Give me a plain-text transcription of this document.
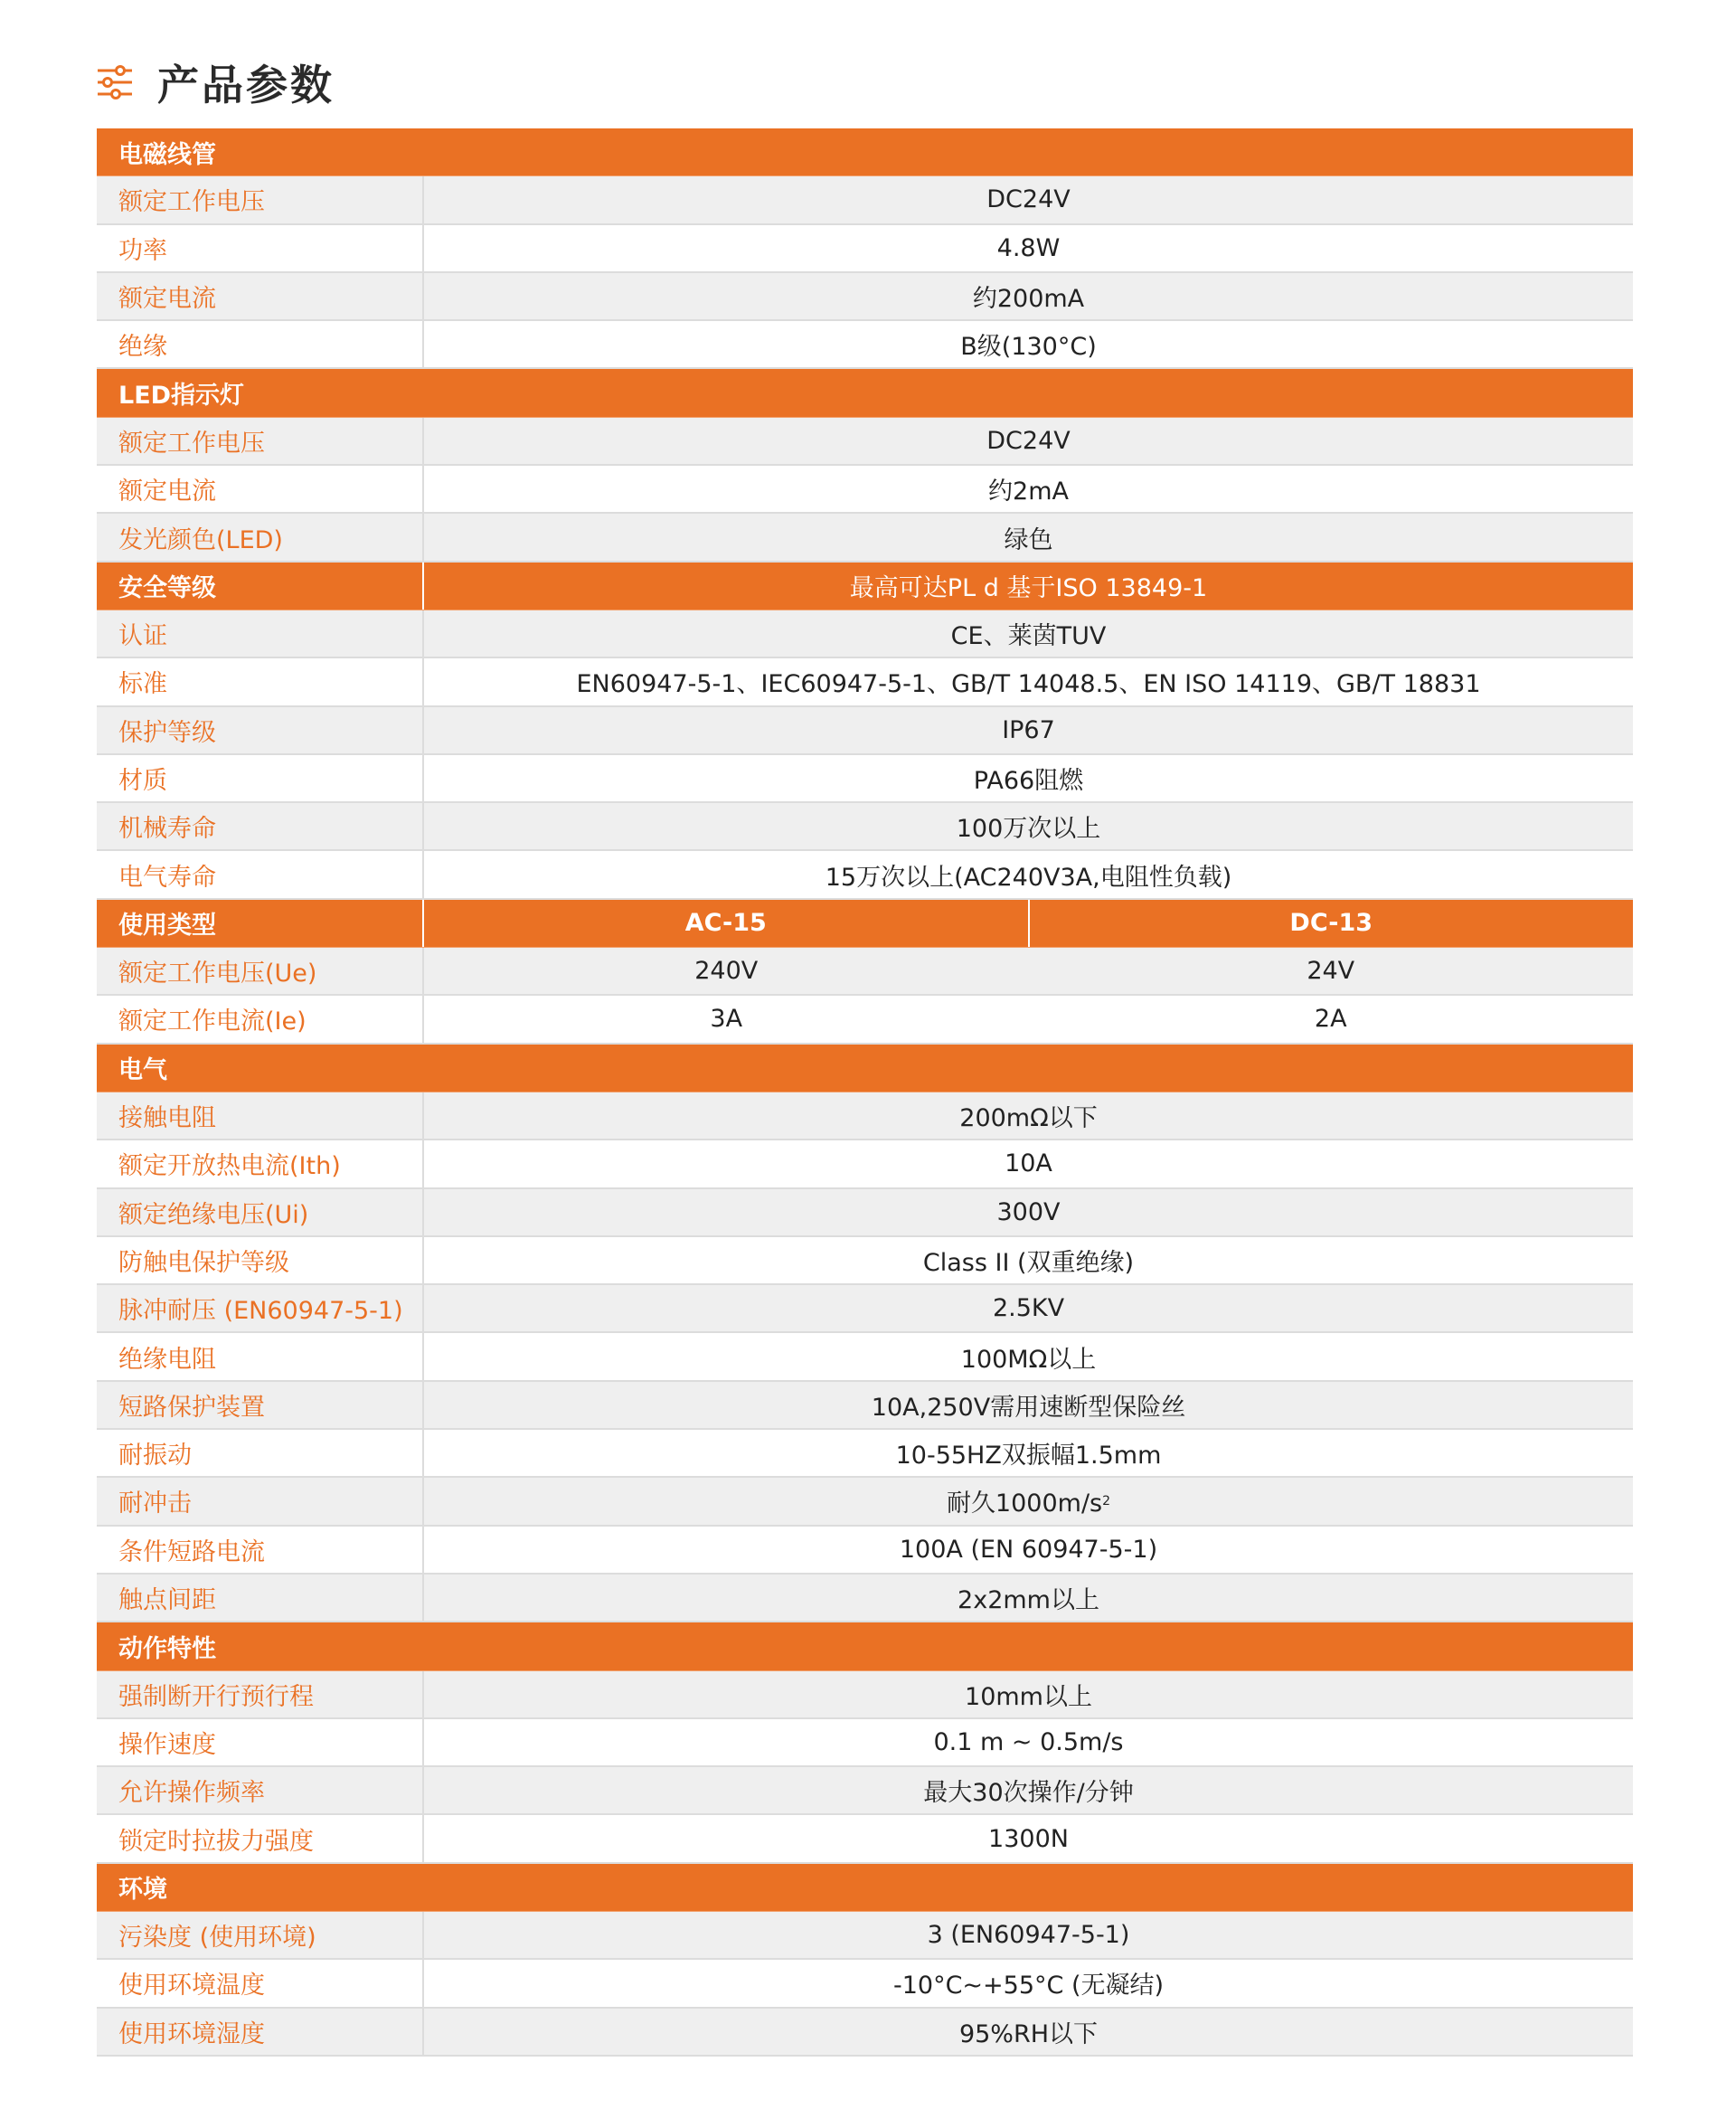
产品参数
电磁线管
额定工作电压	DC24V
功率	4.8W
额定电流	约200mA
绝缘	B级(130°C)
LED指示灯
额定工作电压	DC24V
额定电流	约2mA
发光颜色(LED)	绿色
安全等级	最高可达PL d 基于ISO 13849-1
认证	CE、莱茵TUV
标准	EN60947-5-1、IEC60947-5-1、GB/T 14048.5、EN ISO 14119、GB/T 18831
保护等级	IP67
材质	PA66阻燃
机械寿命	100万次以上
电气寿命	15万次以上(AC240V3A,电阻性负载)
使用类型	AC-15	DC-13
额定工作电压(Ue)	240V	24V
额定工作电流(Ie)	3A	2A
电气
接触电阻	200mΩ以下
额定开放热电流(Ith)	10A
额定绝缘电压(Ui)	300V
防触电保护等级	Class II (双重绝缘)
脉冲耐压 (EN60947-5-1)	2.5KV
绝缘电阻	100MΩ以上
短路保护装置	10A,250V需用速断型保险丝
耐振动	10-55HZ双振幅1.5mm
耐冲击	耐久1000m/s 2
条件短路电流	100A (EN 60947-5-1)
触点间距	2x2mm以上
动作特性
强制断开行预行程	10mm以上
操作速度	0.1 m ~ 0.5m/s
允许操作频率	最大30次操作/分钟
锁定时拉拔力强度	1300N
环境
污染度 (使用环境)	3 (EN60947-5-1)
使用环境温度	-10°C~+55°C (无凝结)
使用环境湿度	95%RH以下
